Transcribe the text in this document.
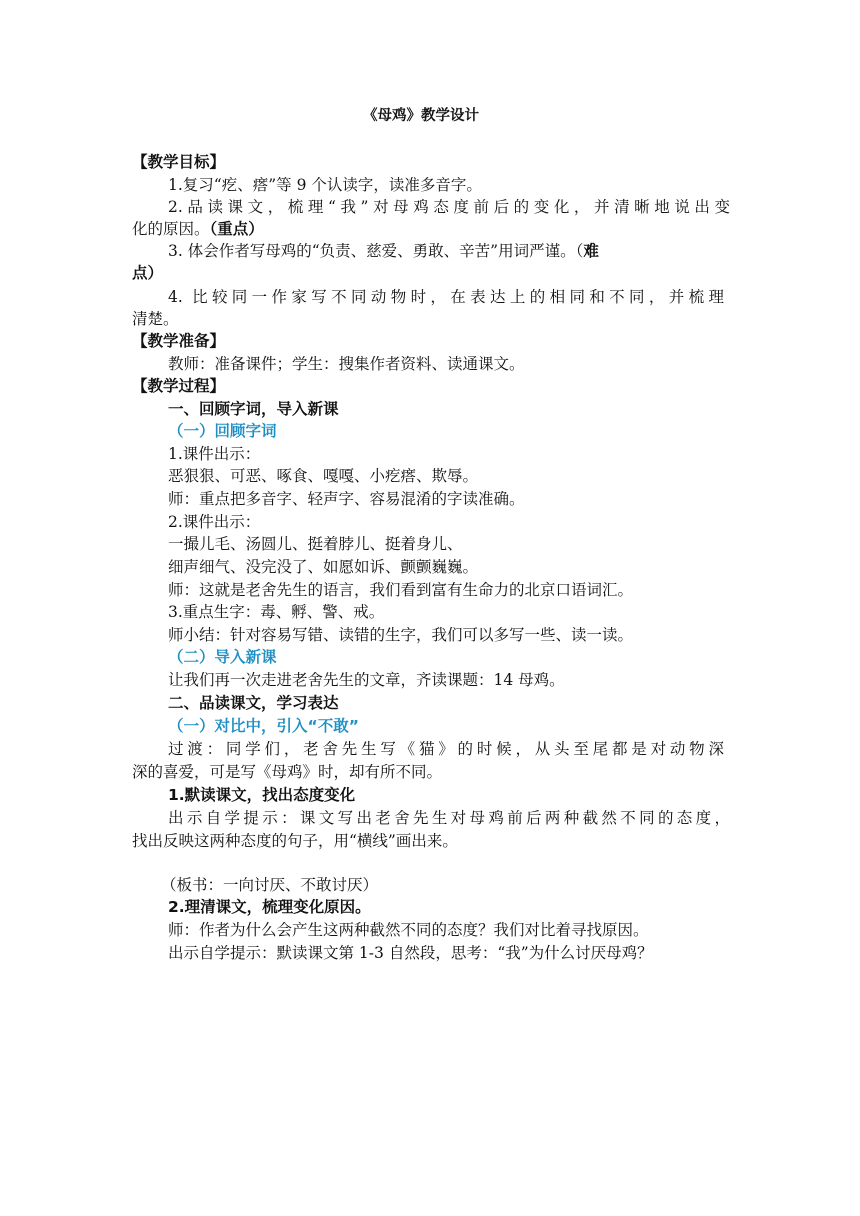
《母鸡》教学设计
【教学目标】
1.复习“疙、瘩”等 9 个认读字，读准多音字。
2.品读课文，梳理“我”对母鸡态度前后的变化，并清晰地说出变
化的原因。（重点）
3. 体会作者写母鸡的“负责、慈爱、勇敢、辛苦”用词严谨。（难
点）
4. 比较同一作家写不同动物时，在表达上的相同和不同，并梳理
清楚。
【教学准备】
教师：准备课件；学生：搜集作者资料、读通课文。
【教学过程】
一、回顾字词，导入新课
（一）回顾字词
1.课件出示：
恶狠狠、可恶、啄食、嘎嘎、小疙瘩、欺辱。
师：重点把多音字、轻声字、容易混淆的字读准确。
2.课件出示：
一撮儿毛、汤圆儿、挺着脖儿、挺着身儿、
细声细气、没完没了、如愿如诉、颤颤巍巍。
师：这就是老舍先生的语言，我们看到富有生命力的北京口语词汇。
3.重点生字：毒、孵、警、戒。
师小结：针对容易写错、读错的生字，我们可以多写一些、读一读。
（二）导入新课
让我们再一次走进老舍先生的文章，齐读课题：14 母鸡。
二、品读课文，学习表达
（一）对比中，引入“不敢”
过渡：同学们，老舍先生写《猫》的时候，从头至尾都是对动物深
深的喜爱，可是写《母鸡》时，却有所不同。
1.默读课文，找出态度变化
出示自学提示：课文写出老舍先生对母鸡前后两种截然不同的态度，
找出反映这两种态度的句子，用“横线”画出来。
（板书：一向讨厌、不敢讨厌）
2.理清课文，梳理变化原因。
师：作者为什么会产生这两种截然不同的态度？我们对比着寻找原因。
出示自学提示：默读课文第 1-3 自然段，思考：“我”为什么讨厌母鸡？
